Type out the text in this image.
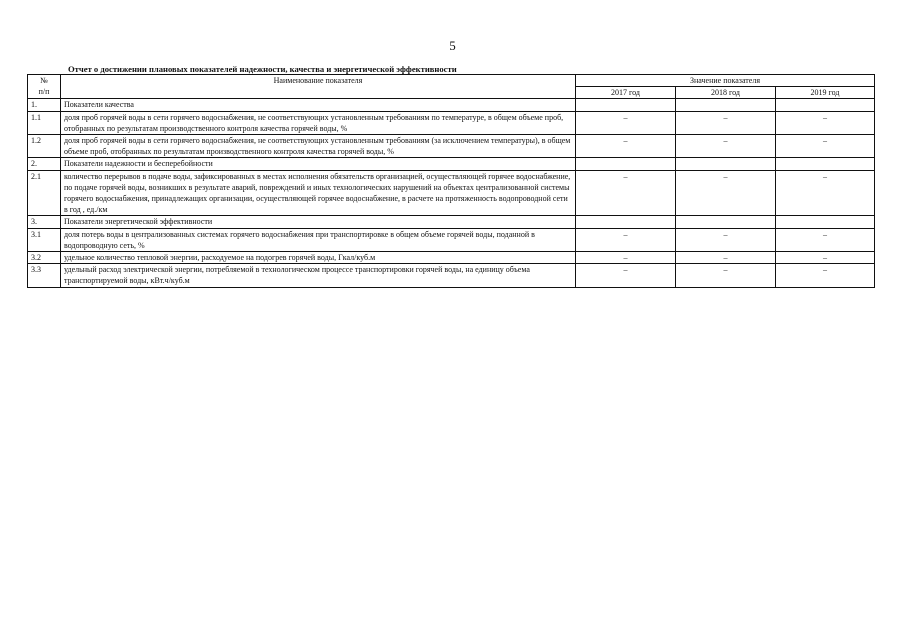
5
Отчет о достижении плановых показателей надежности, качества и энергетической эффективности
№
п/п	Наименование показателя	Значение показателя		
		2017 год	2018 год	2019 год
1.	Показатели качества			
1.1	доля проб горячей воды в сети горячего водоснабжения, не соответствующих установленным требованиям по температуре, в общем объеме проб, отобранных по результатам производственного контроля качества горячей воды, %	–	–	–
1.2	доля проб горячей воды в сети горячего водоснабжения, не соответствующих установленным требованиям (за исключением температуры), в общем объеме проб, отобранных по результатам производственного контроля качества горячей воды, %	–	–	–
2.	Показатели надежности и бесперебойности			
2.1	количество перерывов в подаче воды, зафиксированных в местах исполнения обязательств организацией, осуществляющей горячее водоснабжение, по подаче горячей воды, возникших в результате аварий, повреждений и иных технологических нарушений на объектах централизованной системы горячего водоснабжения, принадлежащих организации, осуществляющей горячее водоснабжение, в расчете на протяженность водопроводной сети в год , ед./км	–	–	–
3.	Показатели энергетической эффективности			
3.1	доля потерь воды в централизованных системах горячего водоснабжения при транспортировке в общем объеме горячей воды, поданной в водопроводную сеть, %	–	–	–
3.2	удельное количество тепловой энергии, расходуемое на подогрев горячей воды, Гкал/куб.м	–	–	–
3.3	удельный расход электрической энергии, потребляемой в технологическом процессе транспортировки горячей воды, на единицу объема транспортируемой воды, кВт.ч/куб.м	–	–	–
